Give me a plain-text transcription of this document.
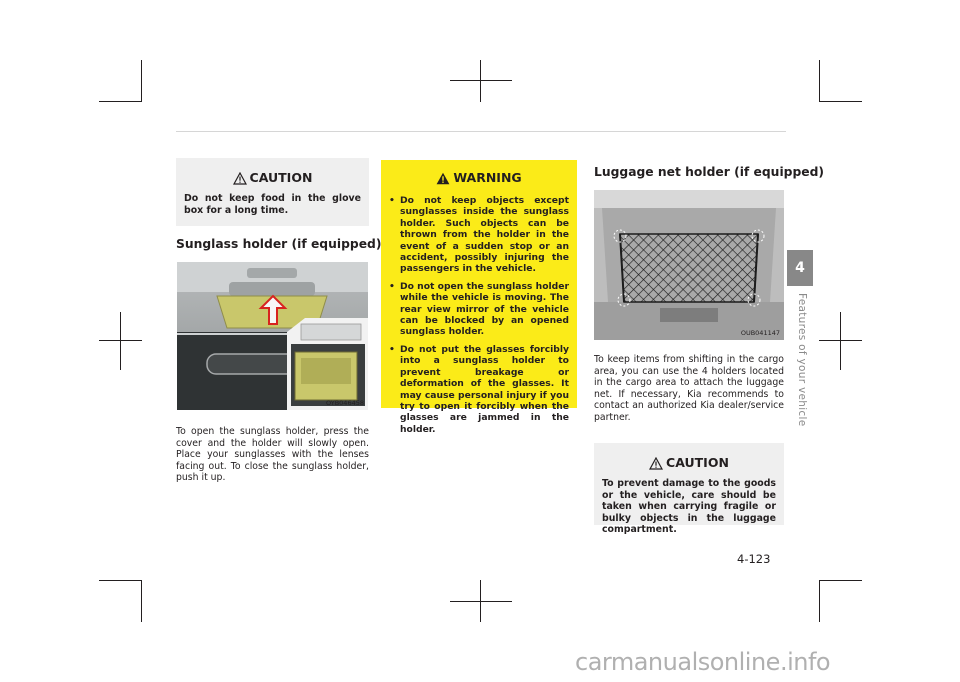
CAUTION
Do not keep food in the glove box for a long time.
Sunglass holder (if equipped)
OYB046458
To open the sunglass holder, press the cover and the holder will slowly open. Place your sunglasses with the lenses facing out. To close the sunglass holder, push it up.
WARNING
• Do not keep objects except sunglasses inside the sunglass holder. Such objects can be thrown from the holder in the event of a sudden stop or an accident, possibly injuring the passengers in the vehicle.
• Do not open the sunglass holder while the vehicle is moving. The rear view mirror of the vehicle can be blocked by an opened sunglass holder.
• Do not put the glasses forcibly into a sunglass holder to prevent breakage or deformation of the glasses. It may cause personal injury if you try to open it forcibly when the glasses are jammed in the holder.
Luggage net holder (if equipped)
OUB041147
To keep items from shifting in the cargo area, you can use the 4 holders located in the cargo area to attach the luggage net. If necessary, Kia recommends to contact an authorized Kia dealer/service partner.
CAUTION
To prevent damage to the goods or the vehicle, care should be taken when carrying fragile or bulky objects in the luggage compartment.
4
Features of your vehicle
4-123
carmanualsonline.info
